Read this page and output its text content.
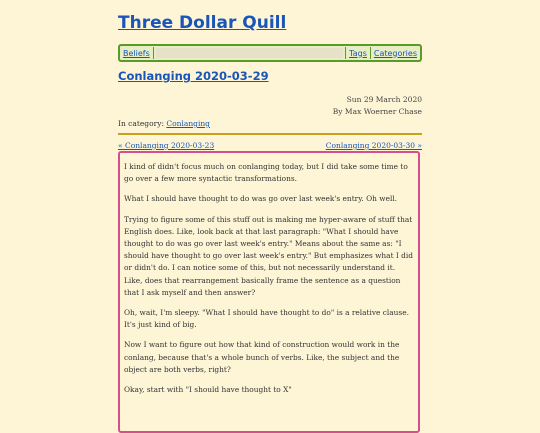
Three Dollar Quill
Beliefs	Tags Categories
Conlanging 2020-03-29
Sun 29 March 2020
By Max Woerner Chase
In category: Conlanging
« Conlanging 2020-03-23	Conlanging 2020-03-30 »

I kind of didn't focus much on conlanging today, but I did take some time to go over a few more syntactic transformations.

What I should have thought to do was go over last week's entry. Oh well.

Trying to figure some of this stuff out is making me hyper-aware of stuff that English does. Like, look back at that last paragraph: "What I should have thought to do was go over last week's entry." Means about the same as: "I should have thought to go over last week's entry." But emphasizes what I did or didn't do. I can notice some of this, but not necessarily understand it. Like, does that rearrangement basically frame the sentence as a question that I ask myself and then answer?

Oh, wait, I'm sleepy. "What I should have thought to do" is a relative clause. It's just kind of big.

Now I want to figure out how that kind of construction would work in the conlang, because that's a whole bunch of verbs. Like, the subject and the object are both verbs, right?

Okay, start with "I should have thought to X"
